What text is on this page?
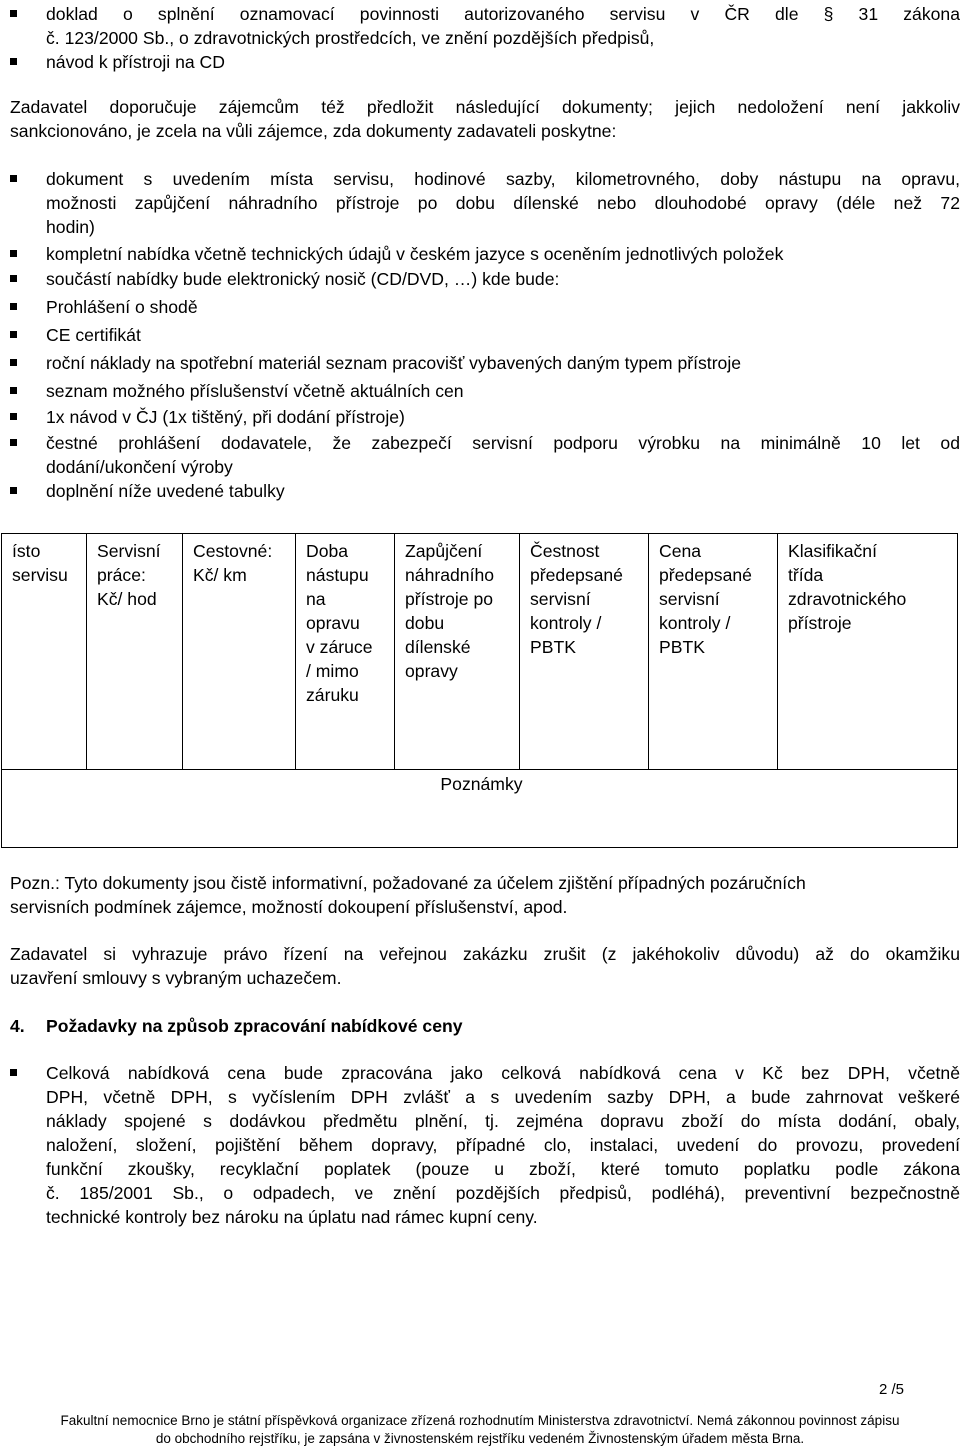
doklad o splnění oznamovací povinnosti autorizovaného servisu v ČR dle § 31 zákona
č. 123/2000 Sb., o zdravotnických prostředcích, ve znění pozdějších předpisů,
návod k přístroji na CD
Zadavatel doporučuje zájemcům též předložit následující dokumenty; jejich nedoložení není jakkoliv
sankcionováno, je zcela na vůli zájemce, zda dokumenty zadavateli poskytne:
dokument s uvedením místa servisu, hodinové sazby, kilometrovného, doby nástupu na opravu,
možnosti zapůjčení náhradního přístroje po dobu dílenské nebo dlouhodobé opravy (déle než 72
hodin)
kompletní nabídka včetně technických údajů v českém jazyce s oceněním jednotlivých položek
součástí nabídky bude elektronický nosič (CD/DVD, …) kde bude:
Prohlášení o shodě
CE certifikát
roční náklady na spotřební materiál seznam pracovišť vybavených daným typem přístroje
seznam možného příslušenství včetně aktuálních cen
1x návod v ČJ (1x tištěný, při dodání přístroje)
čestné prohlášení dodavatele, že zabezpečí servisní podporu výrobku na minimálně 10 let od
dodání/ukončení výroby
doplnění níže uvedené tabulky
ísto
servisu

Servisní
práce:
Kč/ hod

Cestovné:
Kč/ km

Doba
nástupu
na
opravu
v záruce
/ mimo
záruku

Zapůjčení
náhradního
přístroje po
dobu
dílenské
opravy

Čestnost
předepsané
servisní
kontroly /
PBTK

Cena
předepsané
servisní
kontroly /
PBTK

Klasifikační
třída
zdravotnického
přístroje

Poznámky
Pozn.: Tyto dokumenty jsou čistě informativní, požadované za účelem zjištění případných pozáručních
servisních podmínek zájemce, možností dokoupení příslušenství, apod.
Zadavatel si vyhrazuje právo řízení na veřejnou zakázku zrušit (z jakéhokoliv důvodu) až do okamžiku
uzavření smlouvy s vybraným uchazečem.
4. Požadavky na způsob zpracování nabídkové ceny
Celková nabídková cena bude zpracována jako celková nabídková cena v Kč bez DPH, včetně
DPH, včetně DPH, s vyčíslením DPH zvlášť a s uvedením sazby DPH, a bude zahrnovat veškeré
náklady spojené s dodávkou předmětu plnění, tj. zejména dopravu zboží do místa dodání, obaly,
naložení, složení, pojištění během dopravy, případné clo, instalaci, uvedení do provozu, provedení
funkční zkoušky, recyklační poplatek (pouze u zboží, které tomuto poplatku podle zákona
č. 185/2001 Sb., o odpadech, ve znění pozdějších předpisů, podléhá), preventivní bezpečnostně
technické kontroly bez nároku na úplatu nad rámec kupní ceny.
2 /5
Fakultní nemocnice Brno je státní příspěvková organizace zřízená rozhodnutím Ministerstva zdravotnictví. Nemá zákonnou povinnost zápisu
do obchodního rejstříku, je zapsána v živnostenském rejstříku vedeném Živnostenským úřadem města Brna.
